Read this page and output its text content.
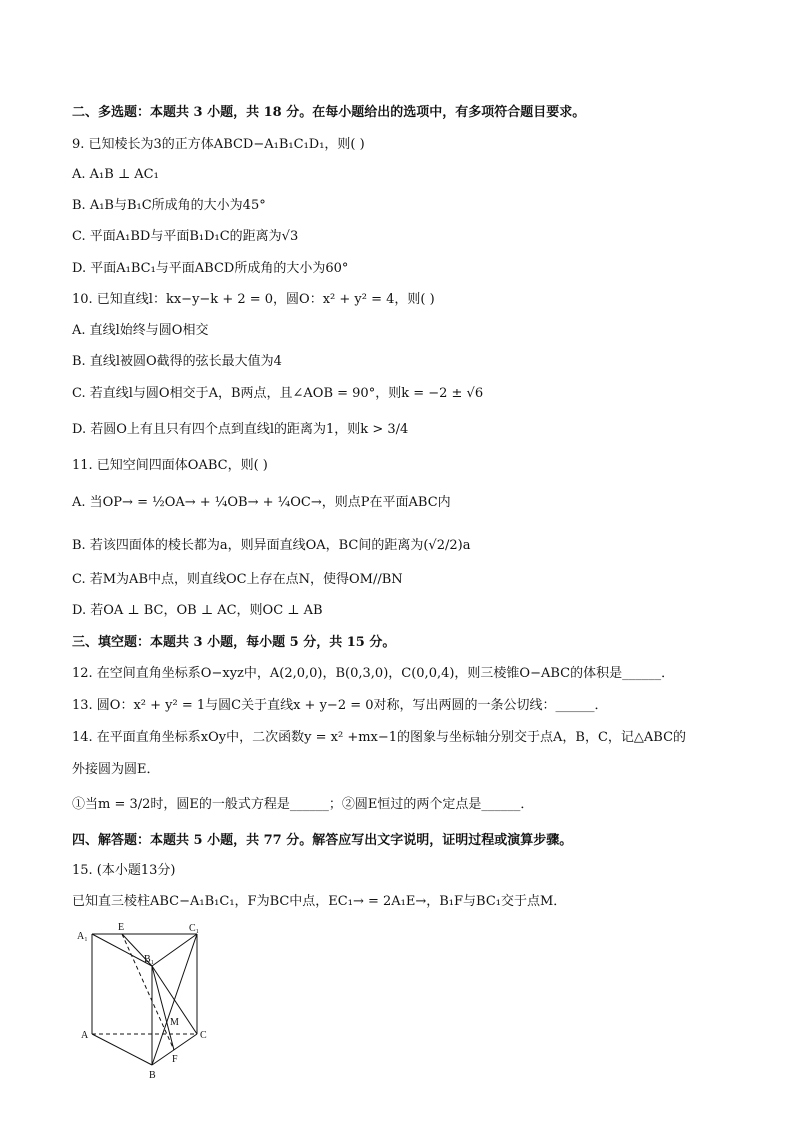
二、多选题：本题共 3 小题，共 18 分。在每小题给出的选项中，有多项符合题目要求。
9. 已知棱长为3的正方体ABCD−A₁B₁C₁D₁，则( )
A. A₁B ⊥ AC₁
B. A₁B与B₁C所成角的大小为45°
C. 平面A₁BD与平面B₁D₁C的距离为√3
D. 平面A₁BC₁与平面ABCD所成角的大小为60°
10. 已知直线l：kx−y−k + 2 = 0，圆O：x² + y² = 4，则( )
A. 直线l始终与圆O相交
B. 直线l被圆O截得的弦长最大值为4
C. 若直线l与圆O相交于A，B两点，且∠AOB = 90°，则k = −2 ± √6
D. 若圆O上有且只有四个点到直线l的距离为1，则k > 3/4
11. 已知空间四面体OABC，则( )
A. 当OP→ = ½OA→ + ¼OB→ + ¼OC→，则点P在平面ABC内
B. 若该四面体的棱长都为a，则异面直线OA，BC间的距离为(√2/2)a
C. 若M为AB中点，则直线OC上存在点N，使得OM//BN
D. 若OA ⊥ BC，OB ⊥ AC，则OC ⊥ AB
三、填空题：本题共 3 小题，每小题 5 分，共 15 分。
12. 在空间直角坐标系O−xyz中，A(2,0,0)，B(0,3,0)，C(0,0,4)，则三棱锥O−ABC的体积是______．
13. 圆O：x² + y² = 1与圆C关于直线x + y−2 = 0对称，写出两圆的一条公切线：______．
14. 在平面直角坐标系xOy中，二次函数y = x² +mx−1的图象与坐标轴分别交于点A，B，C，记△ABC的
外接圆为圆E．
①当m = 3/2时，圆E的一般式方程是______；②圆E恒过的两个定点是______．
四、解答题：本题共 5 小题，共 77 分。解答应写出文字说明，证明过程或演算步骤。
15. (本小题13分)
已知直三棱柱ABC−A₁B₁C₁，F为BC中点，EC₁→ = 2A₁E→，B₁F与BC₁交于点M．
A₁
E	C₁
B₁
M
A	C
F
B
